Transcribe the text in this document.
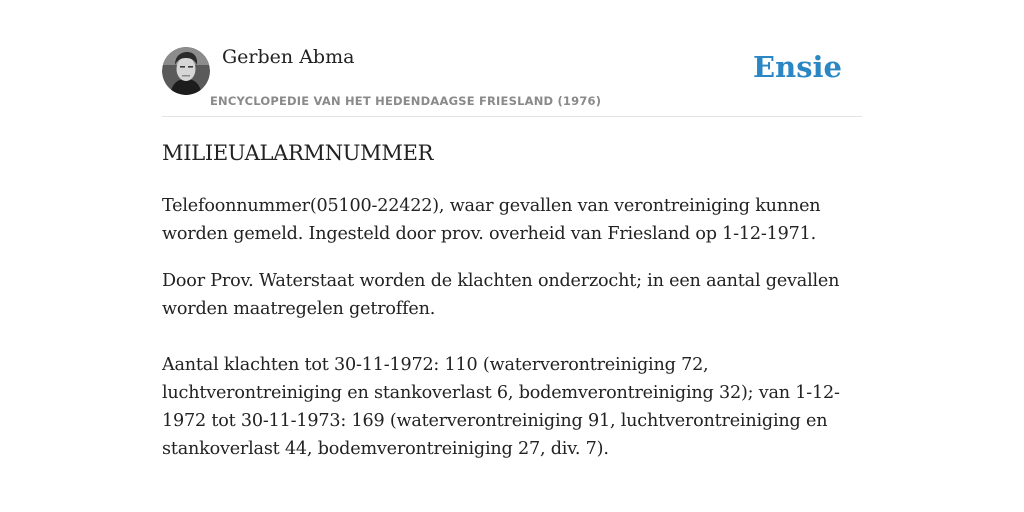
Gerben Abma
ENCYCLOPEDIE VAN HET HEDENDAAGSE FRIESLAND (1976)
Ensie
MILIEUALARMNUMMER

Telefoonnummer(05100-22422), waar gevallen van verontreiniging kunnen worden gemeld. Ingesteld door prov. overheid van Friesland op 1-12-1971.

Door Prov. Waterstaat worden de klachten onderzocht; in een aantal gevallen worden maatregelen getroffen.

Aantal klachten tot 30-11-1972: 110 (waterverontreiniging 72, luchtverontreiniging en stankoverlast 6, bodemverontreiniging 32); van 1-12-1972 tot 30-11-1973: 169 (waterverontreiniging 91, luchtverontreiniging en stankoverlast 44, bodemverontreiniging 27, div. 7).
